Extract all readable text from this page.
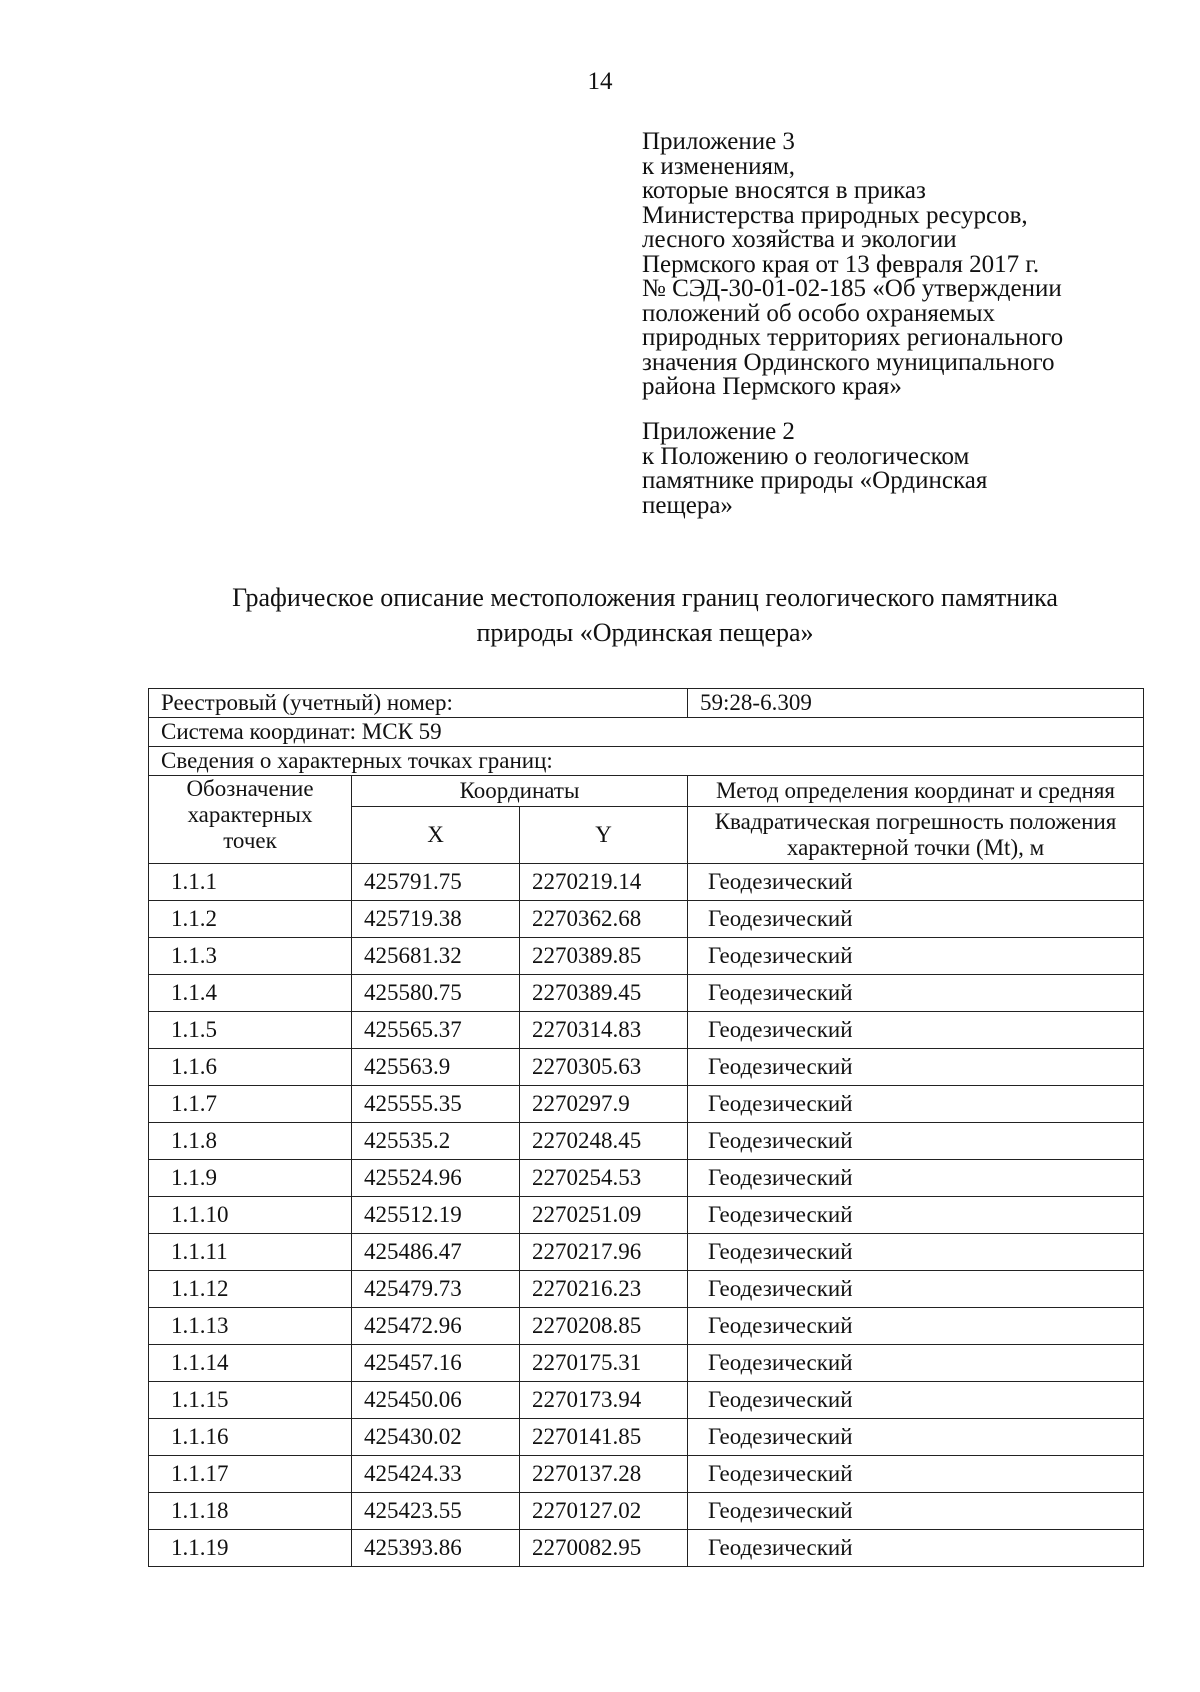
14
Приложение 3
к изменениям,
которые вносятся в приказ
Министерства природных ресурсов,
лесного хозяйства и экологии
Пермского края от 13 февраля 2017 г.
№ СЭД-30-01-02-185 «Об утверждении
положений об особо охраняемых
природных территориях регионального
значения Ординского муниципального
района Пермского края»
Приложение 2
к Положению о геологическом
памятнике природы «Ординская
пещера»
Графическое описание местоположения границ геологического памятника
природы «Ординская пещера»
Реестровый (учетный) номер:			59:28-6.309
Система координат: МСК 59			
Сведения о характерных точках границ:			
Обозначение характерных точек	Координаты		Метод определения координат и средняя
	X	Y	Квадратическая погрешность положения характерной точки (Mt), м
1.1.1	425791.75	2270219.14	Геодезический
1.1.2	425719.38	2270362.68	Геодезический
1.1.3	425681.32	2270389.85	Геодезический
1.1.4	425580.75	2270389.45	Геодезический
1.1.5	425565.37	2270314.83	Геодезический
1.1.6	425563.9	2270305.63	Геодезический
1.1.7	425555.35	2270297.9	Геодезический
1.1.8	425535.2	2270248.45	Геодезический
1.1.9	425524.96	2270254.53	Геодезический
1.1.10	425512.19	2270251.09	Геодезический
1.1.11	425486.47	2270217.96	Геодезический
1.1.12	425479.73	2270216.23	Геодезический
1.1.13	425472.96	2270208.85	Геодезический
1.1.14	425457.16	2270175.31	Геодезический
1.1.15	425450.06	2270173.94	Геодезический
1.1.16	425430.02	2270141.85	Геодезический
1.1.17	425424.33	2270137.28	Геодезический
1.1.18	425423.55	2270127.02	Геодезический
1.1.19	425393.86	2270082.95	Геодезический
